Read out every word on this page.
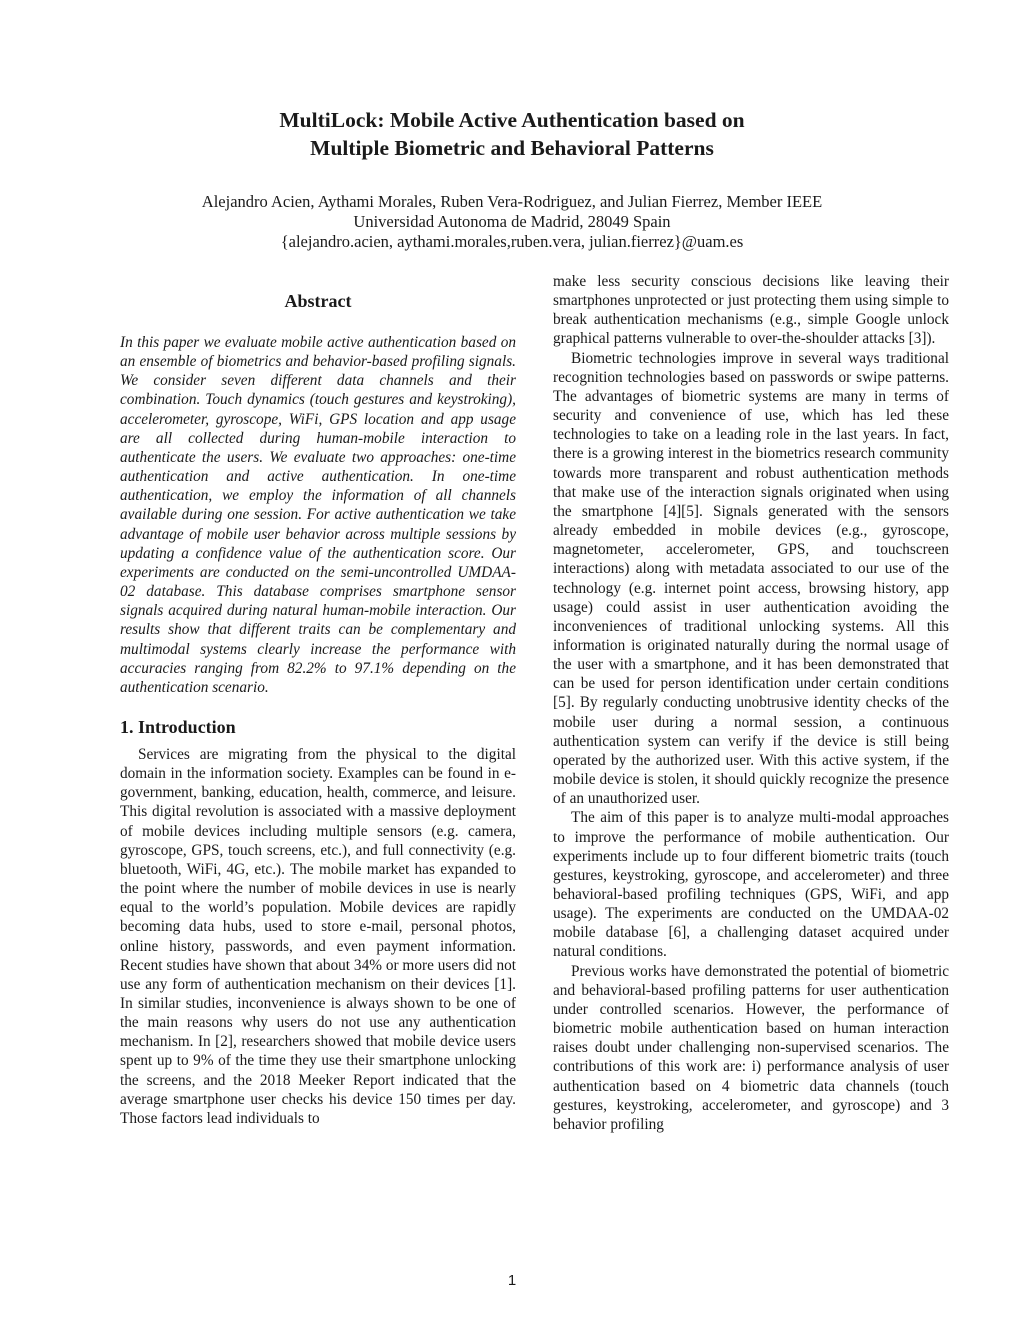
MultiLock: Mobile Active Authentication based on
Multiple Biometric and Behavioral Patterns
Alejandro Acien, Aythami Morales, Ruben Vera-Rodriguez, and Julian Fierrez, Member IEEE
Universidad Autonoma de Madrid, 28049 Spain
{alejandro.acien, aythami.morales,ruben.vera, julian.fierrez}@uam.es
Abstract

In this paper we evaluate mobile active authentication based on an ensemble of biometrics and behavior-based profiling signals. We consider seven different data channels and their combination. Touch dynamics (touch gestures and keystroking), accelerometer, gyroscope, WiFi, GPS location and app usage are all collected during human-mobile interaction to authenticate the users. We evaluate two approaches: one-time authentication and active authentication. In one-time authentication, we employ the information of all channels available during one session. For active authentication we take advantage of mobile user behavior across multiple sessions by updating a confidence value of the authentication score. Our experiments are conducted on the semi-uncontrolled UMDAA-02 database. This database comprises smartphone sensor signals acquired during natural human-mobile interaction. Our results show that different traits can be complementary and multimodal systems clearly increase the performance with accuracies ranging from 82.2% to 97.1% depending on the authentication scenario.

1. Introduction

Services are migrating from the physical to the digital domain in the information society. Examples can be found in e-government, banking, education, health, commerce, and leisure. This digital revolution is associated with a massive deployment of mobile devices including multiple sensors (e.g. camera, gyroscope, GPS, touch screens, etc.), and full connectivity (e.g. bluetooth, WiFi, 4G, etc.). The mobile market has expanded to the point where the number of mobile devices in use is nearly equal to the world’s population. Mobile devices are rapidly becoming data hubs, used to store e-mail, personal photos, online history, passwords, and even payment information. Recent studies have shown that about 34% or more users did not use any form of authentication mechanism on their devices [1]. In similar studies, inconvenience is always shown to be one of the main reasons why users do not use any authentication mechanism. In [2], researchers showed that mobile device users spent up to 9% of the time they use their smartphone unlocking the screens, and the 2018 Meeker Report indicated that the average smartphone user checks his device 150 times per day. Those factors lead individuals to

make less security conscious decisions like leaving their smartphones unprotected or just protecting them using simple to break authentication mechanisms (e.g., simple Google unlock graphical patterns vulnerable to over-the-shoulder attacks [3]).

Biometric technologies improve in several ways traditional recognition technologies based on passwords or swipe patterns. The advantages of biometric systems are many in terms of security and convenience of use, which has led these technologies to take on a leading role in the last years. In fact, there is a growing interest in the biometrics research community towards more transparent and robust authentication methods that make use of the interaction signals originated when using the smartphone [4][5]. Signals generated with the sensors already embedded in mobile devices (e.g., gyroscope, magnetometer, accelerometer, GPS, and touchscreen interactions) along with metadata associated to our use of the technology (e.g. internet point access, browsing history, app usage) could assist in user authentication avoiding the inconveniences of traditional unlocking systems. All this information is originated naturally during the normal usage of the user with a smartphone, and it has been demonstrated that can be used for person identification under certain conditions [5]. By regularly conducting unobtrusive identity checks of the mobile user during a normal session, a continuous authentication system can verify if the device is still being operated by the authorized user. With this active system, if the mobile device is stolen, it should quickly recognize the presence of an unauthorized user.

The aim of this paper is to analyze multi-modal approaches to improve the performance of mobile authentication. Our experiments include up to four different biometric traits (touch gestures, keystroking, gyroscope, and accelerometer) and three behavioral-based profiling techniques (GPS, WiFi, and app usage). The experiments are conducted on the UMDAA-02 mobile database [6], a challenging dataset acquired under natural conditions.

Previous works have demonstrated the potential of biometric and behavioral-based profiling patterns for user authentication under controlled scenarios. However, the performance of biometric mobile authentication based on human interaction raises doubt under challenging non-supervised scenarios. The contributions of this work are: i) performance analysis of user authentication based on 4 biometric data channels (touch gestures, keystroking, accelerometer, and gyroscope) and 3 behavior profiling

1
